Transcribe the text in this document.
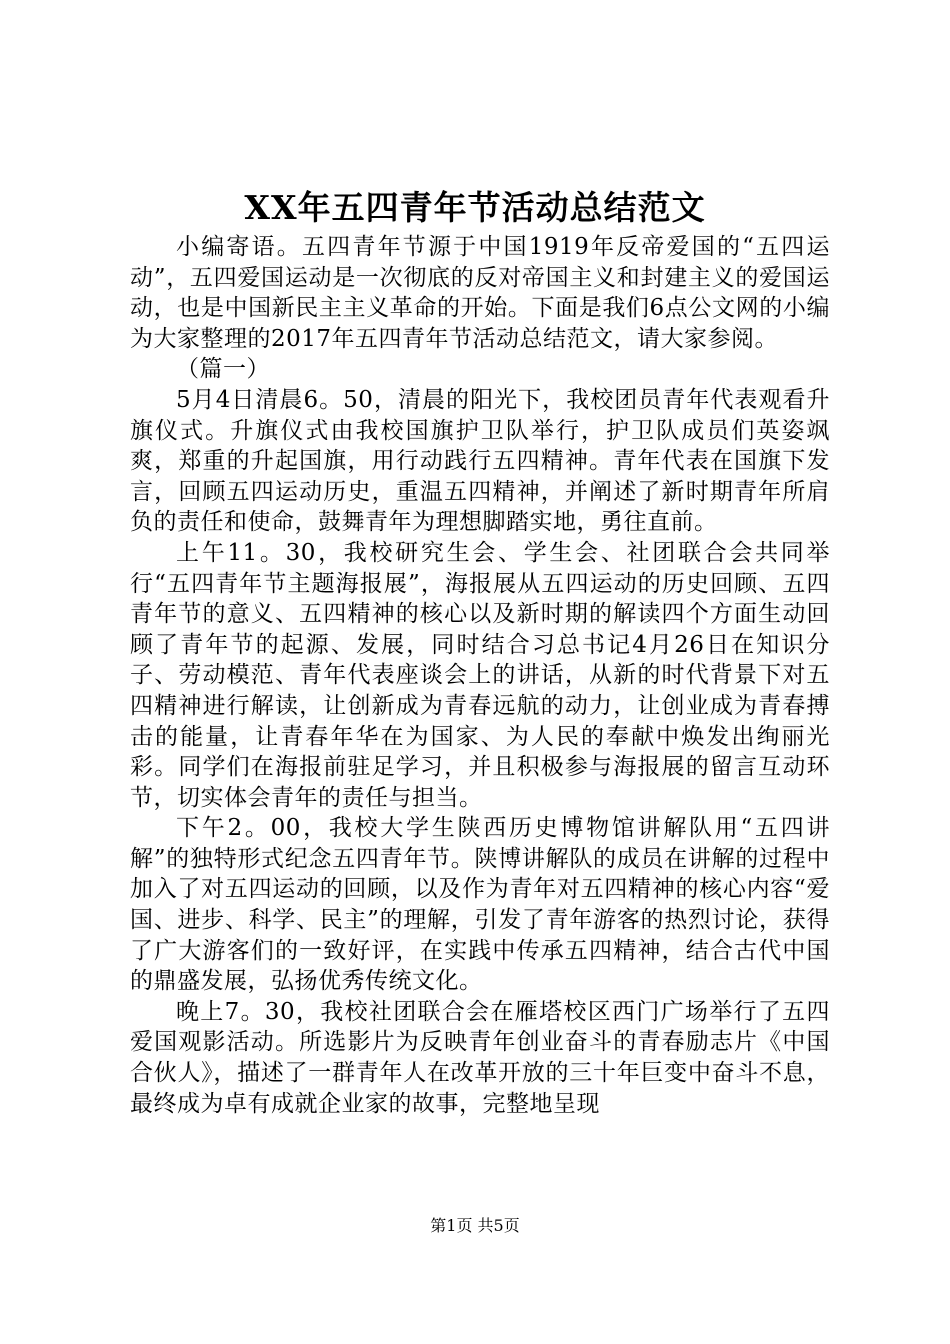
XX年五四青年节活动总结范文

小编寄语。五四青年节源于中国1919年反帝爱国的“五四运动”，五四爱国运动是一次彻底的反对帝国主义和封建主义的爱国运动，也是中国新民主主义革命的开始。下面是我们6点公文网的小编为大家整理的2017年五四青年节活动总结范文，请大家参阅。

（篇一）

5月4日清晨6。50，清晨的阳光下，我校团员青年代表观看升旗仪式。升旗仪式由我校国旗护卫队举行，护卫队成员们英姿飒爽，郑重的升起国旗，用行动践行五四精神。青年代表在国旗下发言，回顾五四运动历史，重温五四精神，并阐述了新时期青年所肩负的责任和使命，鼓舞青年为理想脚踏实地，勇往直前。

上午11。30，我校研究生会、学生会、社团联合会共同举行“五四青年节主题海报展”，海报展从五四运动的历史回顾、五四青年节的意义、五四精神的核心以及新时期的解读四个方面生动回顾了青年节的起源、发展，同时结合习总书记4月26日在知识分子、劳动模范、青年代表座谈会上的讲话，从新的时代背景下对五四精神进行解读，让创新成为青春远航的动力，让创业成为青春搏击的能量，让青春年华在为国家、为人民的奉献中焕发出绚丽光彩。同学们在海报前驻足学习，并且积极参与海报展的留言互动环节，切实体会青年的责任与担当。

下午2。00，我校大学生陕西历史博物馆讲解队用“五四讲解”的独特形式纪念五四青年节。陕博讲解队的成员在讲解的过程中加入了对五四运动的回顾，以及作为青年对五四精神的核心内容“爱国、进步、科学、民主”的理解，引发了青年游客的热烈讨论，获得了广大游客们的一致好评，在实践中传承五四精神，结合古代中国的鼎盛发展，弘扬优秀传统文化。

晚上7。30，我校社团联合会在雁塔校区西门广场举行了五四爱国观影活动。所选影片为反映青年创业奋斗的青春励志片《中国合伙人》，描述了一群青年人在改革开放的三十年巨变中奋斗不息，最终成为卓有成就企业家的故事，完整地呈现

第1页 共5页
